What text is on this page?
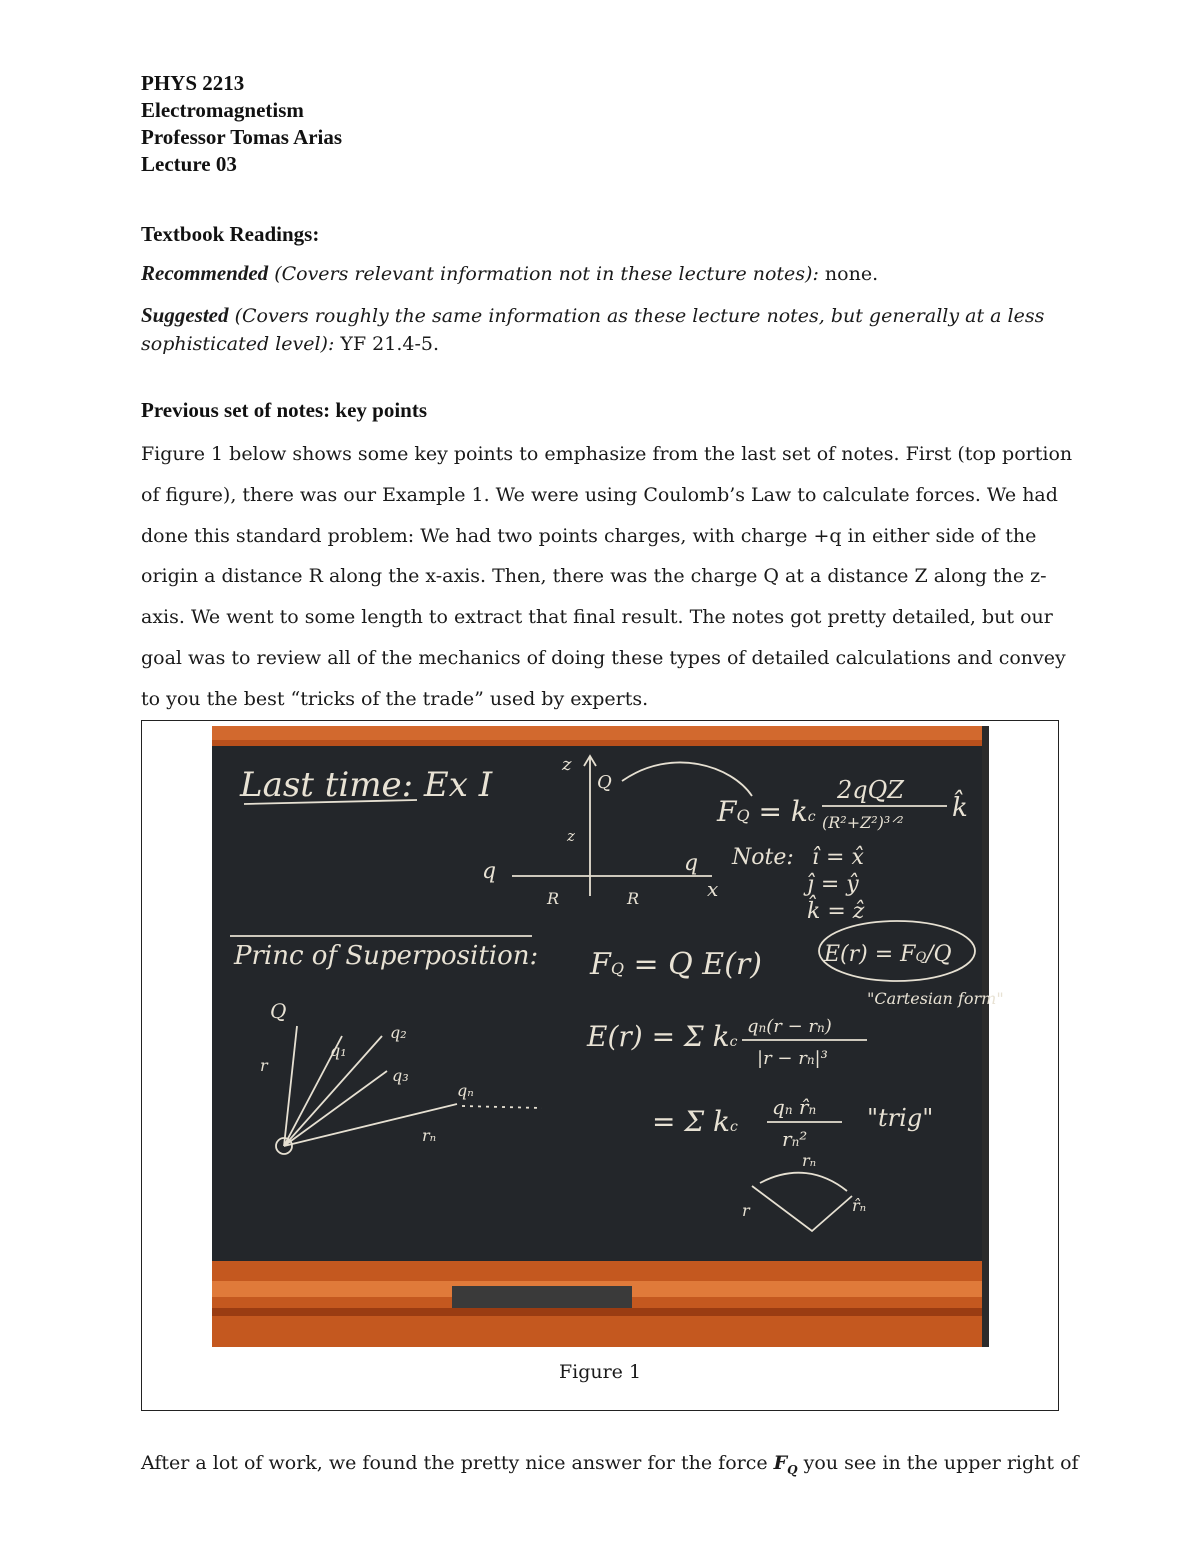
PHYS 2213
Electromagnetism
Professor Tomas Arias
Lecture 03
Textbook Readings:
Recommended (Covers relevant information not in these lecture notes): none.
Suggested (Covers roughly the same information as these lecture notes, but generally at a less sophisticated level): YF 21.4-5.
Previous set of notes: key points
Figure 1 below shows some key points to emphasize from the last set of notes. First (top portion
of figure), there was our Example 1. We were using Coulomb’s Law to calculate forces. We had
done this standard problem: We had two points charges, with charge +q in either side of the
origin a distance R along the x-axis. Then, there was the charge Q at a distance Z along the z-
axis. We went to some length to extract that final result. The notes got pretty detailed, but our
goal was to review all of the mechanics of doing these types of detailed calculations and convey
to you the best “tricks of the trade” used by experts.
Last time: Ex I
z
Q
z
q	q
R	R	x
FQ = kc
2qQZ
(R²+Z²)³ᐟ² k̂
Note: î = x̂
ĵ = ŷ
k̂ = ẑ
Princ of Superposition: FQ = Q E(r)	E(r) = FQ/Q
"Cartesian form"
E(r) = Σ kc
qn(r − rn)
|r − rn|³
= Σ kc
qn r̂n
rn²
"trig"
Q
r
q₁
q₂
q₃
qₙ
rₙ
rₙ
r	r̂ₙ
Figure 1
After a lot of work, we found the pretty nice answer for the force $F_Q$ you see in the upper right of
